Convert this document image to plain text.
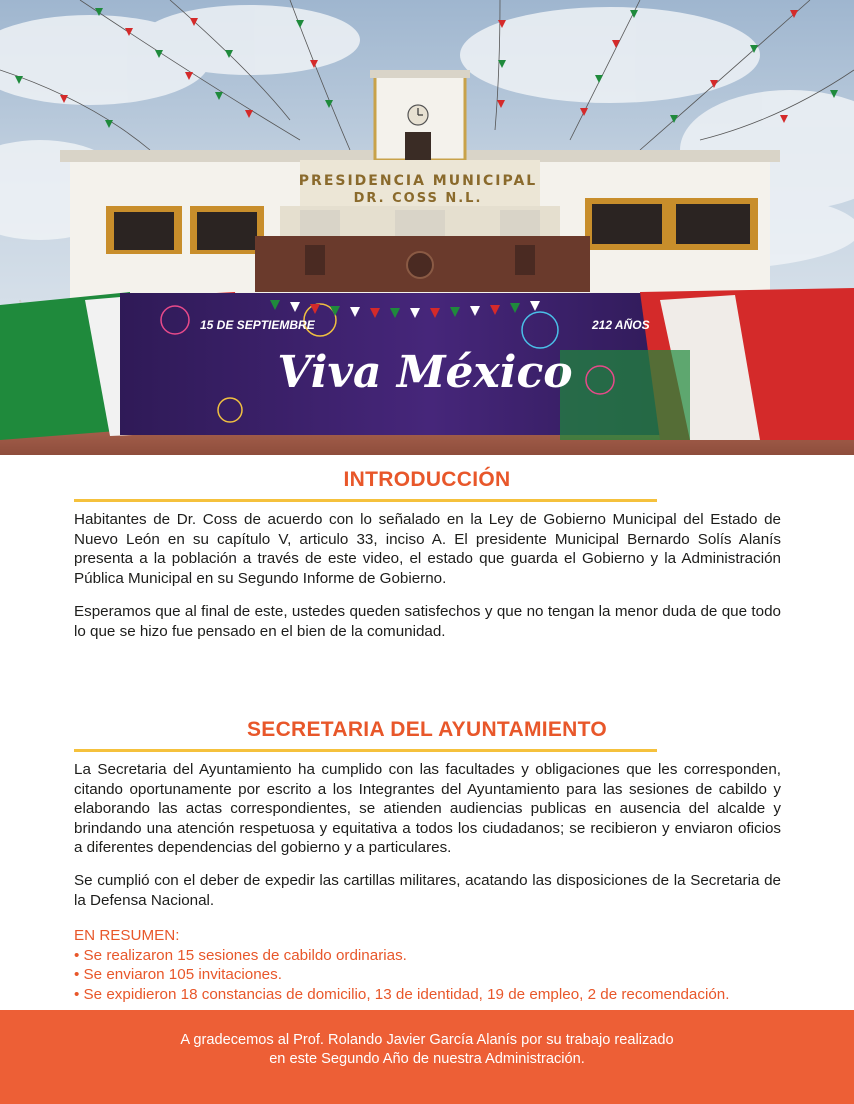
PRESIDENCIA MUNICIPAL
DR. COSS N.L.
15 DE SEPTIEMBRE	212 AÑOS
Viva México
INTRODUCCIÓN

Habitantes de Dr. Coss de acuerdo con lo señalado en la Ley de Gobierno Municipal del Estado de Nuevo León en su capítulo V, articulo 33, inciso A. El presidente Municipal Bernardo Solís Alanís presenta a la población a través de este video, el estado que guarda el Gobierno y la Administración Pública Municipal en su Segundo Informe de Gobierno.

Esperamos que al final de este, ustedes queden satisfechos y que no tengan la menor duda de que todo lo que se hizo fue pensado en el bien de la comunidad.

SECRETARIA DEL AYUNTAMIENTO

La Secretaria del Ayuntamiento ha cumplido con las facultades y obligaciones que les corresponden, citando oportunamente por escrito a los Integrantes del Ayuntamiento para las sesiones de cabildo y elaborando las actas correspondientes, se atienden audiencias publicas en ausencia del alcalde y brindando una atención respetuosa y equitativa a todos los ciudadanos; se recibieron y enviaron oficios a diferentes dependencias del gobierno y a particulares.

Se cumplió con el deber de expedir las cartillas militares, acatando las disposiciones de la Secretaria de la Defensa Nacional.

EN RESUMEN:
• Se realizaron 15 sesiones de cabildo ordinarias.
• Se enviaron 105 invitaciones.
• Se expidieron 18 constancias de domicilio, 13 de identidad, 19 de empleo, 2 de recomendación.
A gradecemos al Prof. Rolando Javier García Alanís por su trabajo realizado
en este Segundo Año de nuestra Administración.
